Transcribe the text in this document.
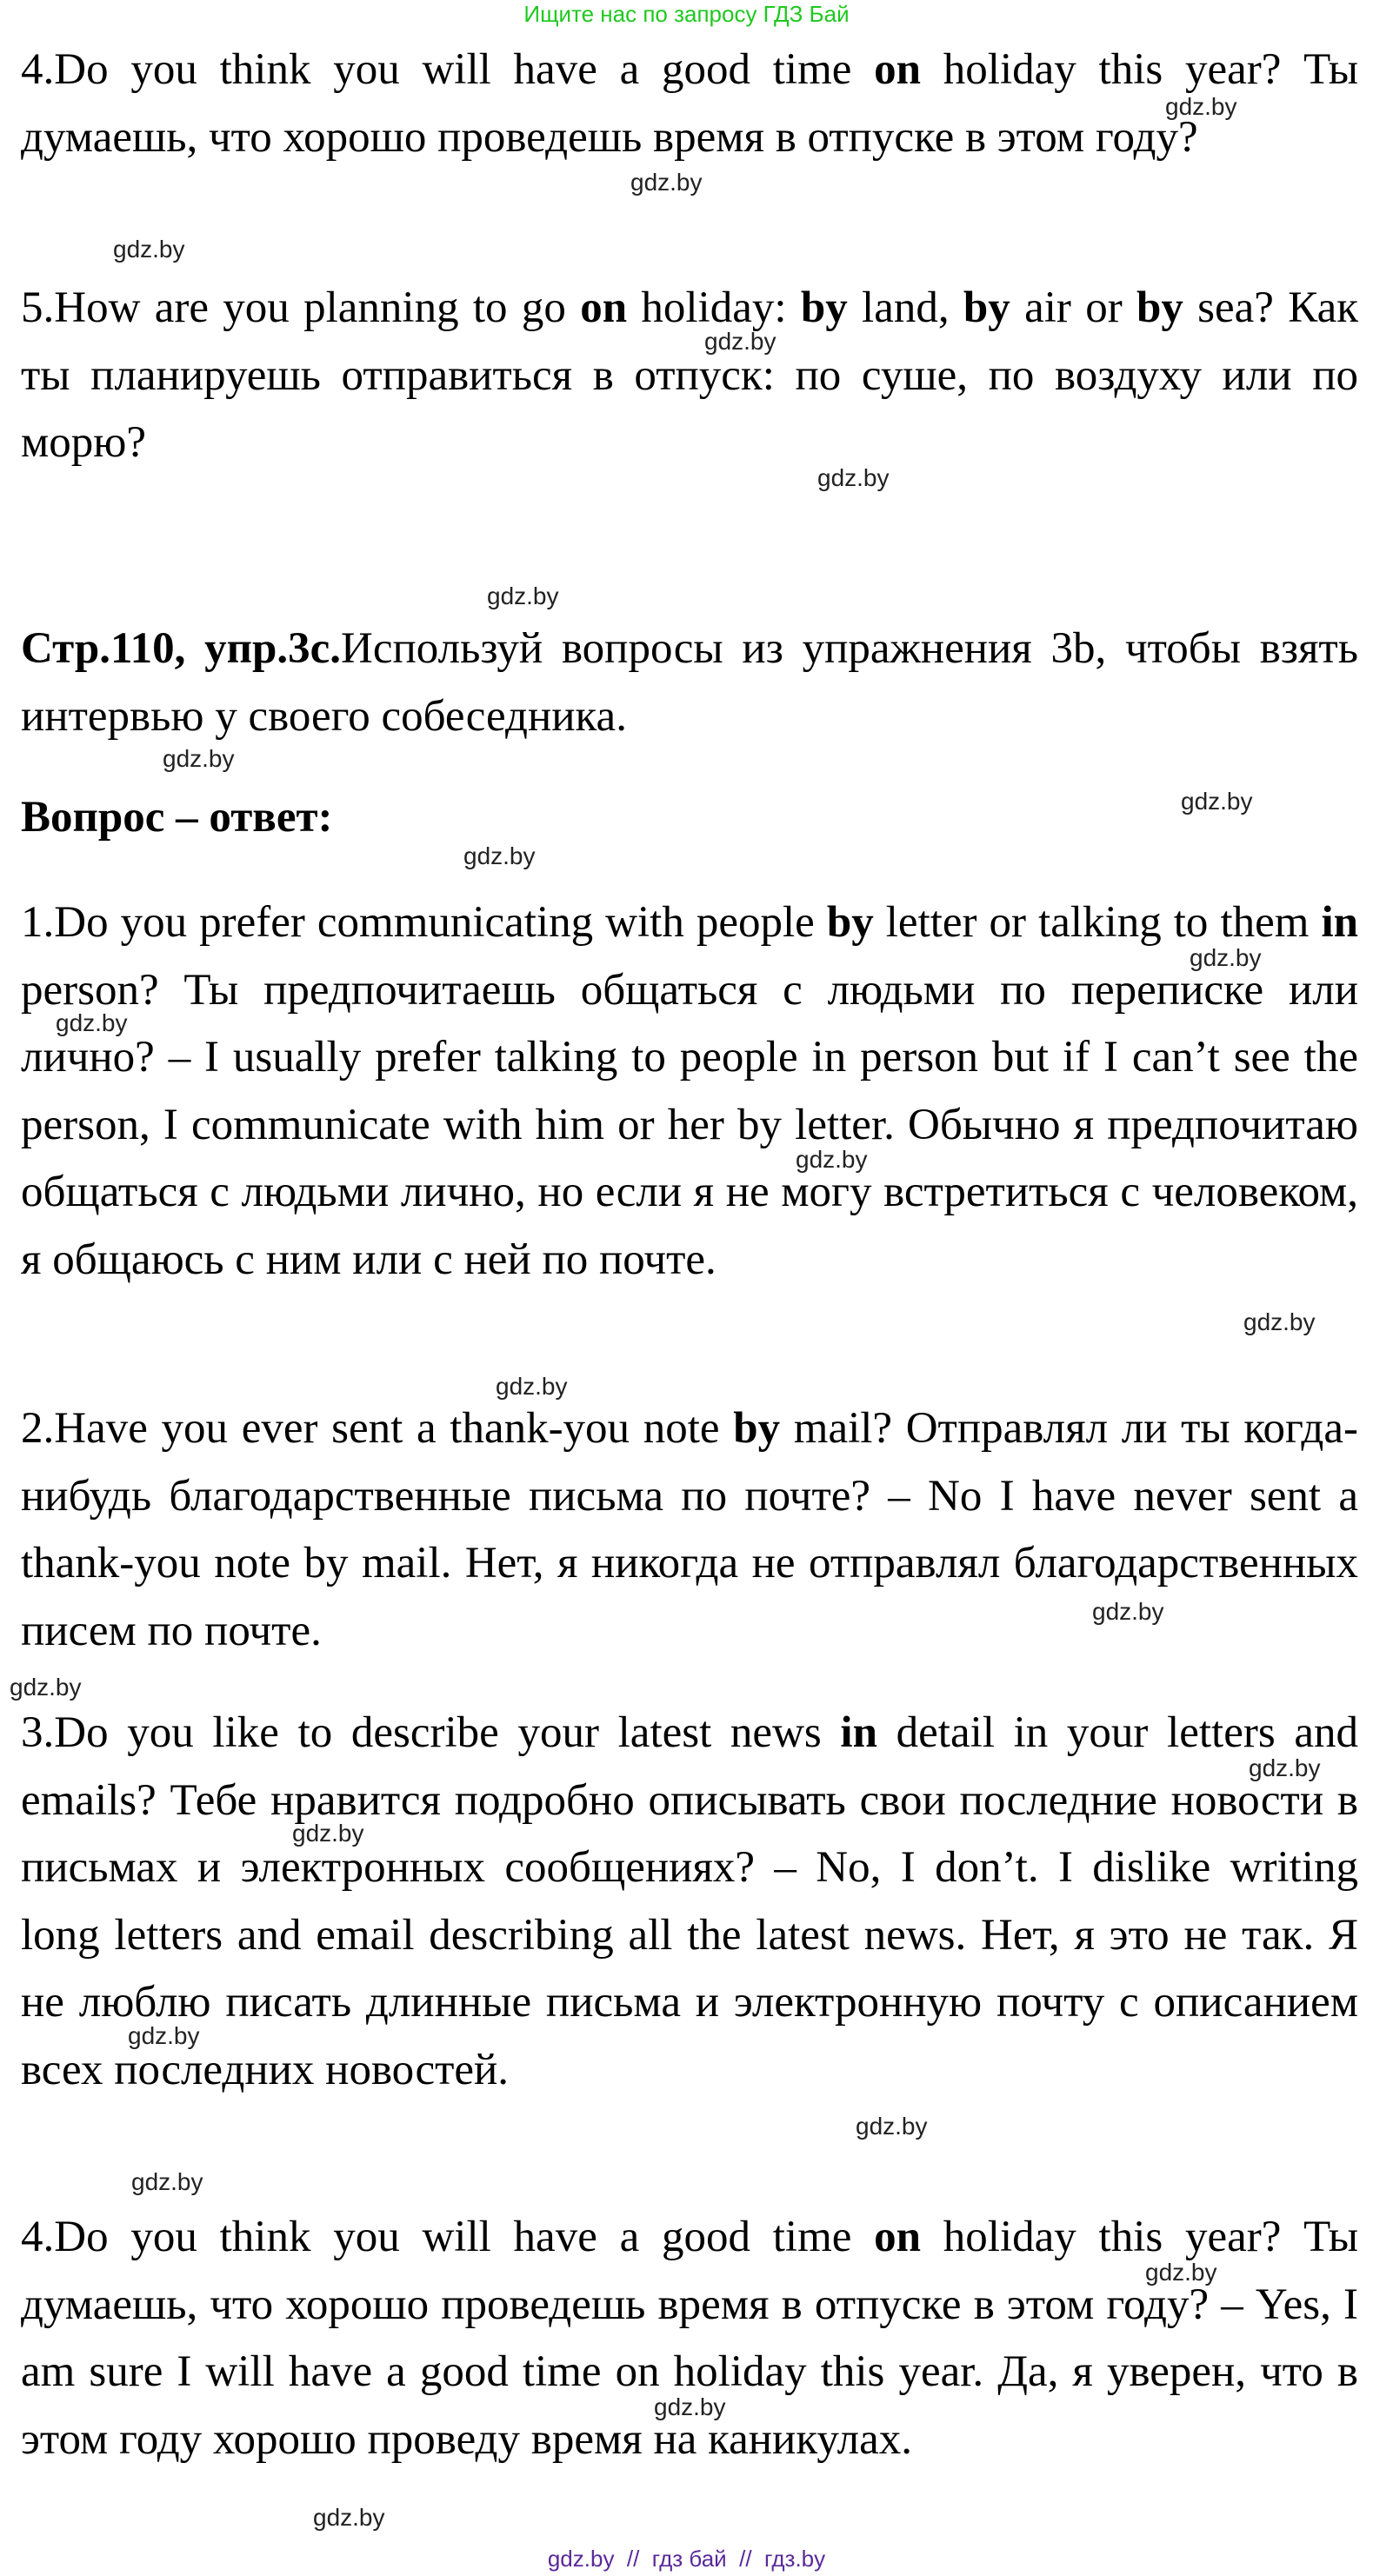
Ищите нас по запросу ГДЗ Бай
4.Do you think you will have a good time on holiday this year? Ты думаешь, что хорошо проведешь время в отпуске в этом году?
5.How are you planning to go on holiday: by land, by air or by sea? Как ты планируешь отправиться в отпуск: по суше, по воздуху или по морю?
Стр.110, упр.3c.Используй вопросы из упражнения 3b, чтобы взять интервью у своего собеседника.
Вопрос – ответ:
1.Do you prefer communicating with people by letter or talking to them in person? Ты предпочитаешь общаться с людьми по переписке или лично? – I usually prefer talking to people in person but if I can’t see the person, I communicate with him or her by letter. Обычно я предпочитаю общаться с людьми лично, но если я не могу встретиться с человеком, я общаюсь с ним или с ней по почте.
2.Have you ever sent a thank-you note by mail? Отправлял ли ты когда-нибудь благодарственные письма по почте? – No I have never sent a thank-you note by mail. Нет, я никогда не отправлял благодарственных писем по почте.
3.Do you like to describe your latest news in detail in your letters and emails? Тебе нравится подробно описывать свои последние новости в письмах и электронных сообщениях? – No, I don’t. I dislike writing long letters and email describing all the latest news. Нет, я это не так. Я не люблю писать длинные письма и электронную почту с описанием всех последних новостей.
4.Do you think you will have a good time on holiday this year? Ты думаешь, что хорошо проведешь время в отпуске в этом году? – Yes, I am sure I will have a good time on holiday this year. Да, я уверен, что в этом году хорошо проведу время на каникулах.
gdz.by
gdz.by
gdz.by
gdz.by
gdz.by
gdz.by
gdz.by
gdz.by
gdz.by
gdz.by
gdz.by
gdz.by
gdz.by
gdz.by
gdz.by
gdz.by
gdz.by
gdz.by
gdz.by
gdz.by
gdz.by
gdz.by
gdz.by
gdz.by
gdz.by  //  гдз бай  //  гдз.by
